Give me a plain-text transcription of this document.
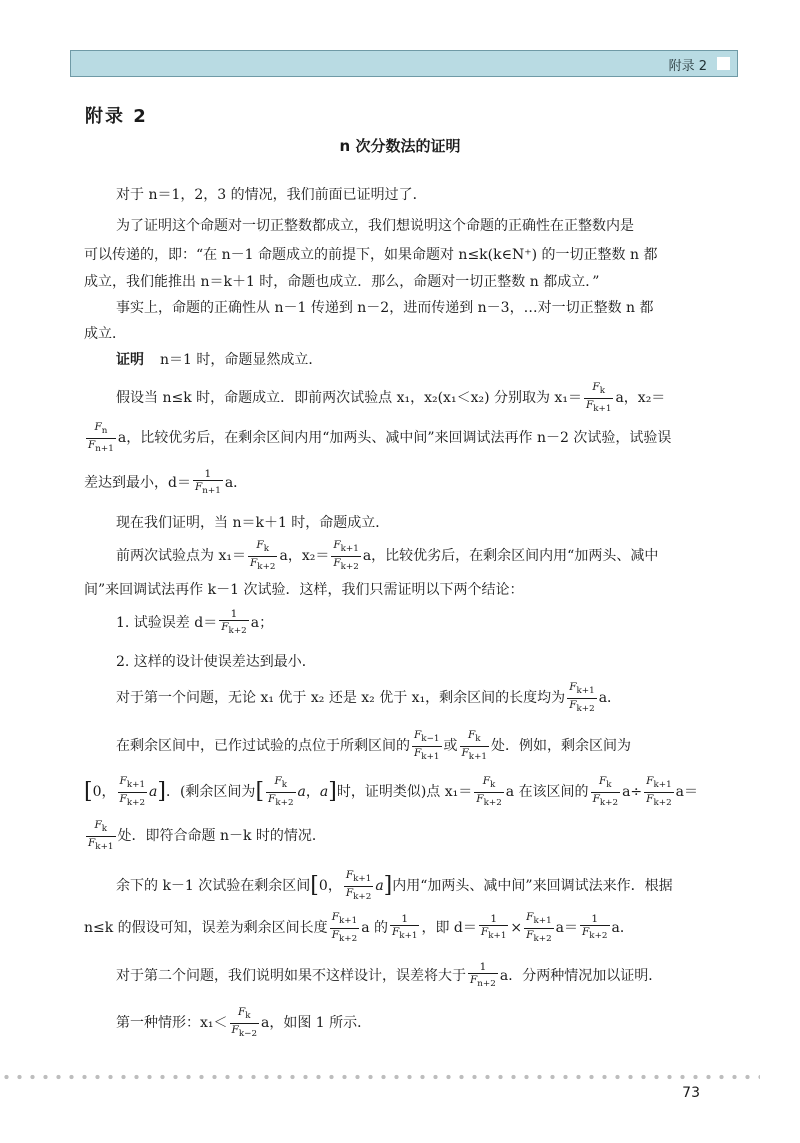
附录 2
附录 2
n 次分数法的证明
对于 n＝1，2，3 的情况，我们前面已证明过了．
为了证明这个命题对一切正整数都成立，我们想说明这个命题的正确性在正整数内是
可以传递的，即：“在 n－1 命题成立的前提下，如果命题对 n≤k(k∈N⁺) 的一切正整数 n 都
成立，我们能推出 n＝k＋1 时，命题也成立．那么，命题对一切正整数 n 都成立．”
事实上，命题的正确性从 n－1 传递到 n－2，进而传递到 n－3，…对一切正整数 n 都
成立．
证明 n＝1 时，命题显然成立．
假设当 n≤k 时，命题成立．即前两次试验点 x₁，x₂(x₁＜x₂) 分别取为 $x_1= \frac{F_k}{F_{k+1}}$ a，x₂＝
$\frac{F_n}{F_{n+1}}$ a，比较优劣后，在剩余区间内用“加两头、减中间”来回调试法再作 n－2 次试验，试验误
差达到最小，$d= \frac{1}{F_{n+1}}$ a．
现在我们证明，当 n＝k＋1 时，命题成立．
前两次试验点为 $x_1= \frac{F_k}{F_{k+2}}$ a，$x_2= \frac{F_{k+1}}{F_{k+2}}$ a，比较优劣后，在剩余区间内用“加两头、减中
间”来回调试法再作 k－1 次试验．这样，我们只需证明以下两个结论：
1. 试验误差 $d= \frac{1}{F_{k+2}}$ a；
2. 这样的设计使误差达到最小．
对于第一个问题，无论 x₁ 优于 x₂ 还是 x₂ 优于 x₁，剩余区间的长度均为 $\frac{F_{k+1}}{F_{k+2}}$ a．
在剩余区间中，已作过试验的点位于所剩区间的 $\frac{F_{k-1}}{F_{k+1}}$ 或 $\frac{F_k}{F_{k+1}}$ 处．例如，剩余区间为
[0， $\frac{F_{k+1}}{F_{k+2}} a$]．(剩余区间为[ $\frac{F_k}{F_{k+2}}$ a，a]时，证明类似)点 $x_1= \frac{F_k}{F_{k+2}}$ a 在该区间的 $\frac{F_k}{F_{k+2}} a\div \frac{F_{k+1}}{F_{k+2}} a=$
$\frac{F_k}{F_{k+1}}$ 处．即符合命题 n－k 时的情况．
余下的 k－1 次试验在剩余区间[0， $\frac{F_{k+1}}{F_{k+2}} a$]内用“加两头、减中间”来回调试法来作．根据
n≤k 的假设可知，误差为剩余区间长度 $\frac{F_{k+1}}{F_{k+2}}$ a 的 $\frac{1}{F_{k+1}}$ ，即 $d= \frac{1}{F_{k+1}} \times \frac{F_{k+1}}{F_{k+2}} a= \frac{1}{F_{k+2}}$ a．
对于第二个问题，我们说明如果不这样设计，误差将大于 $\frac{1}{F_{n+2}}$ a．分两种情况加以证明．
第一种情形：$x_1< \frac{F_k}{F_{k-2}}$ a，如图 1 所示．
73
